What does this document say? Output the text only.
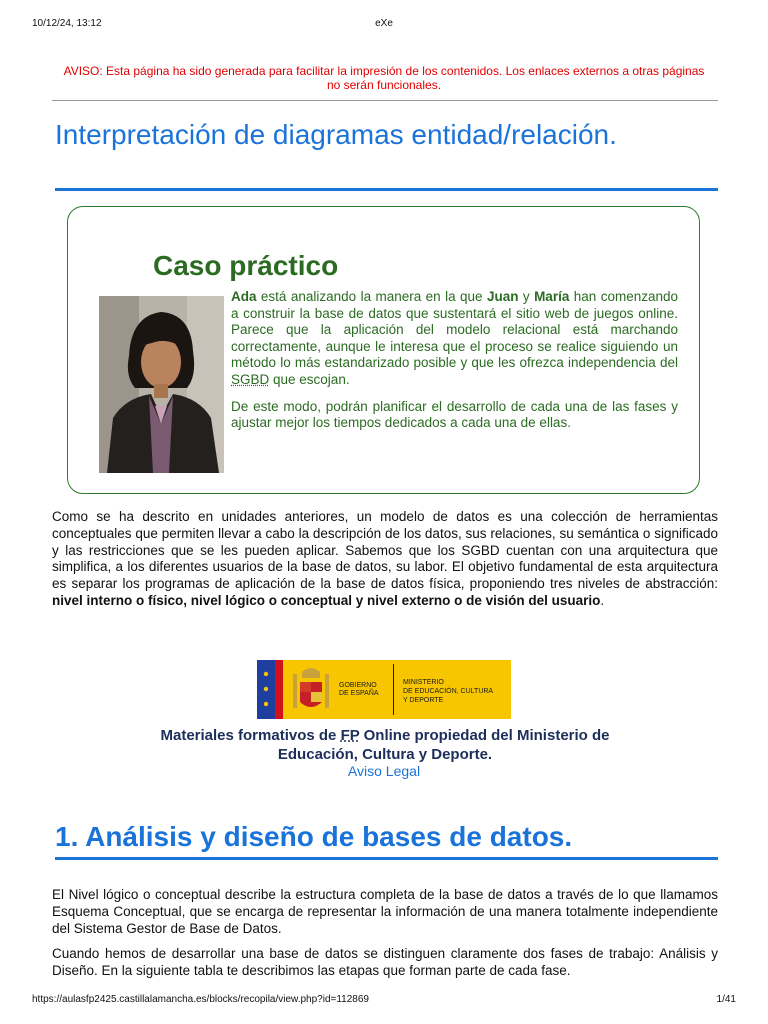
10/12/24, 13:12	eXe
AVISO: Esta página ha sido generada para facilitar la impresión de los contenidos. Los enlaces externos a otras páginas no serán funcionales.
Interpretación de diagramas entidad/relación.
Caso práctico

Ada está analizando la manera en la que Juan y María han comenzando a construir la base de datos que sustentará el sitio web de juegos online. Parece que la aplicación del modelo relacional está marchando correctamente, aunque le interesa que el proceso se realice siguiendo un método lo más estandarizado posible y que les ofrezca independencia del SGBD que escojan.

De este modo, podrán planificar el desarrollo de cada una de las fases y ajustar mejor los tiempos dedicados a cada una de ellas.

Como se ha descrito en unidades anteriores, un modelo de datos es una colección de herramientas conceptuales que permiten llevar a cabo la descripción de los datos, sus relaciones, su semántica o significado y las restricciones que se les pueden aplicar. Sabemos que los SGBD cuentan con una arquitectura que simplifica, a los diferentes usuarios de la base de datos, su labor. El objetivo fundamental de esta arquitectura es separar los programas de aplicación de la base de datos física, proponiendo tres niveles de abstracción: nivel interno o físico, nivel lógico o conceptual y nivel externo o de visión del usuario.
GOBIERNO
DE ESPAÑA
MINISTERIO
DE EDUCACIÓN, CULTURA
Y DEPORTE
Materiales formativos de FP Online propiedad del Ministerio de
Educación, Cultura y Deporte.
Aviso Legal
1. Análisis y diseño de bases de datos.

El Nivel lógico o conceptual describe la estructura completa de la base de datos a través de lo que llamamos Esquema Conceptual, que se encarga de representar la información de una manera totalmente independiente del Sistema Gestor de Base de Datos.

Cuando hemos de desarrollar una base de datos se distinguen claramente dos fases de trabajo: Análisis y Diseño. En la siguiente tabla te describimos las etapas que forman parte de cada fase.

https://aulasfp2425.castillalamancha.es/blocks/recopila/view.php?id=112869	1/41
